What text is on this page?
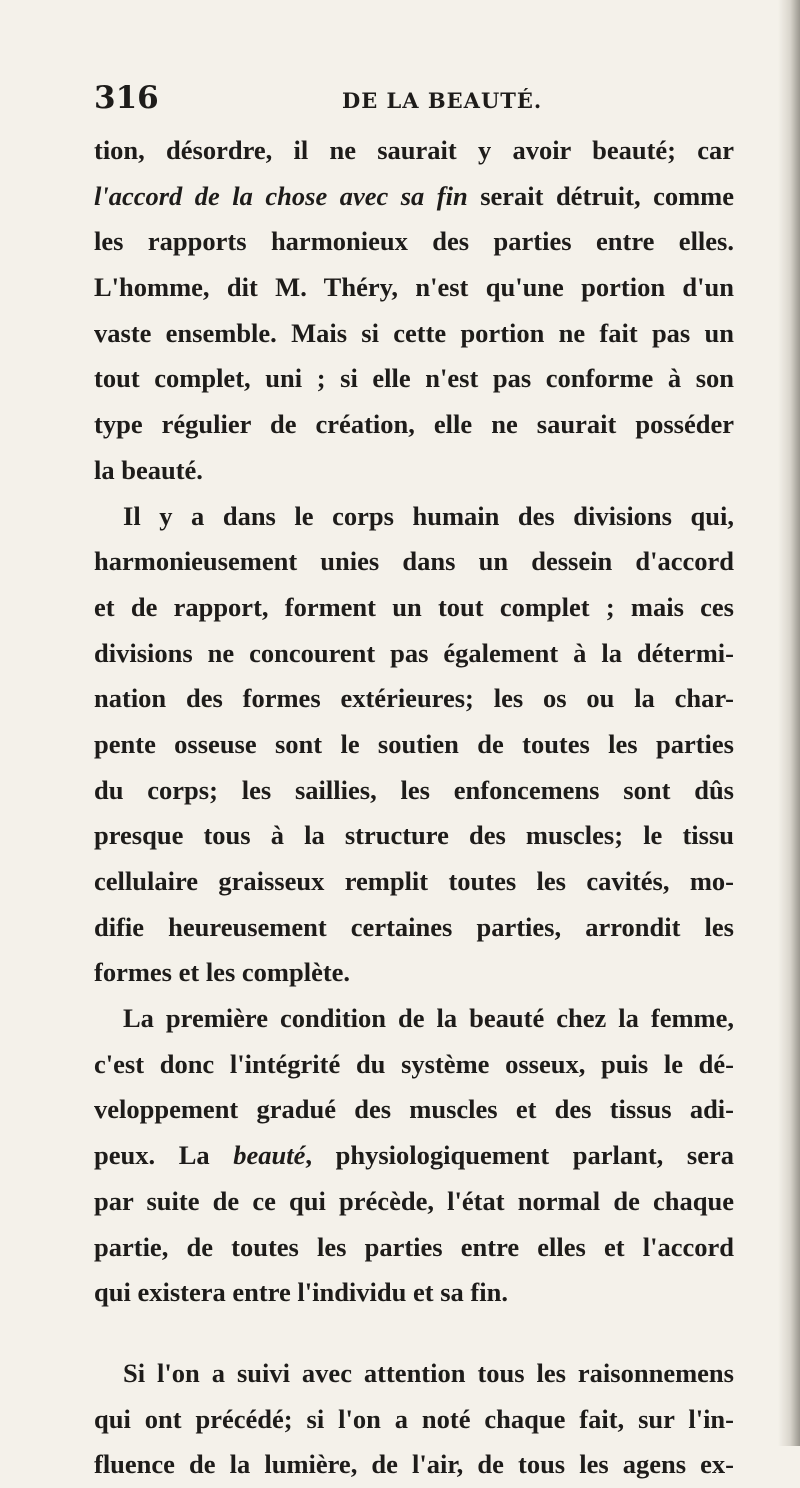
316	DE LA BEAUTÉ.
tion, désordre, il ne saurait y avoir beauté; car
l'accord de la chose avec sa fin serait détruit, comme
les rapports harmonieux des parties entre elles.
L'homme, dit M. Théry, n'est qu'une portion d'un
vaste ensemble. Mais si cette portion ne fait pas un
tout complet, uni ; si elle n'est pas conforme à son
type régulier de création, elle ne saurait posséder
la beauté.
Il y a dans le corps humain des divisions qui,
harmonieusement unies dans un dessein d'accord
et de rapport, forment un tout complet ; mais ces
divisions ne concourent pas également à la détermi-
nation des formes extérieures; les os ou la char-
pente osseuse sont le soutien de toutes les parties
du corps; les saillies, les enfoncemens sont dûs
presque tous à la structure des muscles; le tissu
cellulaire graisseux remplit toutes les cavités, mo-
difie heureusement certaines parties, arrondit les
formes et les complète.
La première condition de la beauté chez la femme,
c'est donc l'intégrité du système osseux, puis le dé-
veloppement gradué des muscles et des tissus adi-
peux. La beauté, physiologiquement parlant, sera
par suite de ce qui précède, l'état normal de chaque
partie, de toutes les parties entre elles et l'accord
qui existera entre l'individu et sa fin.
Si l'on a suivi avec attention tous les raisonnemens
qui ont précédé; si l'on a noté chaque fait, sur l'in-
fluence de la lumière, de l'air, de tous les agens ex-
